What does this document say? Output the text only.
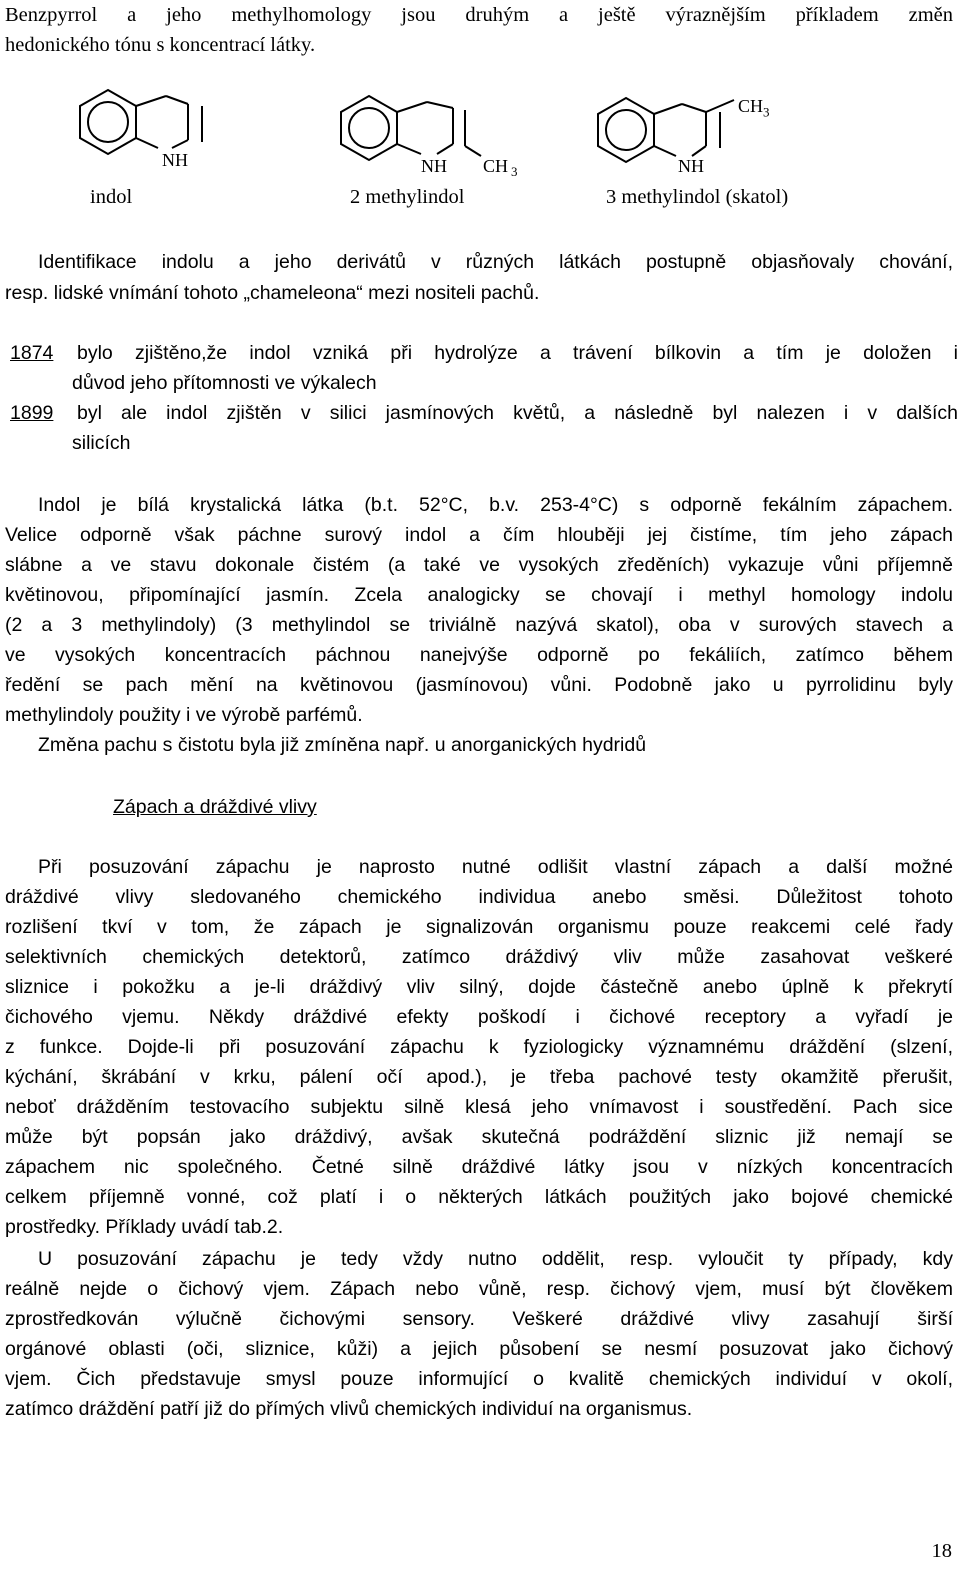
Benzpyrrol a jeho methylhomology jsou druhým a ještě výraznějším příkladem změn
hedonického tónu s koncentrací látky.
NH	NH CH 3	NH
$CH_3$
indol	2 methylindol	3 methylindol (skatol)
Identifikace indolu a jeho derivátů v různých látkách postupně objasňovaly chování,
resp. lidské vnímání tohoto „chameleona“ mezi nositeli pachů.
1874 bylo zjištěno,že indol vzniká při hydrolýze a trávení bílkovin a tím je doložen i
důvod jeho přítomnosti ve výkalech
1899 byl ale indol zjištěn v silici jasmínových květů, a následně byl nalezen i v dalších
silicích
Indol je bílá krystalická látka (b.t. 52°C, b.v. 253-4°C) s odporně fekálním zápachem.
Velice odporně však páchne surový indol a čím hlouběji jej čistíme, tím jeho zápach
slábne a ve stavu dokonale čistém (a také ve vysokých zředěních) vykazuje vůni příjemně
květinovou, připomínající jasmín. Zcela analogicky se chovají i methyl homology indolu
(2 a 3 methylindoly) (3 methylindol se triviálně nazývá skatol), oba v surových stavech a
ve vysokých koncentracích páchnou nanejvýše odporně po fekáliích, zatímco během
ředění se pach mění na květinovou (jasmínovou) vůni. Podobně jako u pyrrolidinu byly
methylindoly použity i ve výrobě parfémů.
Změna pachu s čistotu byla již zmíněna např. u anorganických hydridů
Zápach a dráždivé vlivy
Při posuzování zápachu je naprosto nutné odlišit vlastní zápach a další možné
dráždivé vlivy sledovaného chemického individua anebo směsi. Důležitost tohoto
rozlišení tkví v tom, že zápach je signalizován organismu pouze reakcemi celé řady
selektivních chemických detektorů, zatímco dráždivý vliv může zasahovat veškeré
sliznice i pokožku a je-li dráždivý vliv silný, dojde částečně anebo úplně k překrytí
čichového vjemu. Někdy dráždivé efekty poškodí i čichové receptory a vyřadí je
z funkce. Dojde-li při posuzování zápachu k fyziologicky významnému dráždění (slzení,
kýchání, škrábání v krku, pálení očí apod.), je třeba pachové testy okamžitě přerušit,
neboť drážděním testovacího subjektu silně klesá jeho vnímavost i soustředění. Pach sice
může být popsán jako dráždivý, avšak skutečná podráždění sliznic již nemají se
zápachem nic společného. Četné silně dráždivé látky jsou v nízkých koncentracích
celkem příjemně vonné, což platí i o některých látkách použitých jako bojové chemické
prostředky. Příklady uvádí tab.2.
U posuzování zápachu je tedy vždy nutno oddělit, resp. vyloučit ty případy, kdy
reálně nejde o čichový vjem. Zápach nebo vůně, resp. čichový vjem, musí být člověkem
zprostředkován výlučně čichovými sensory. Veškeré dráždivé vlivy zasahují širší
orgánové oblasti (oči, sliznice, kůži) a jejich působení se nesmí posuzovat jako čichový
vjem. Čich představuje smysl pouze informující o kvalitě chemických individuí v okolí,
zatímco dráždění patří již do přímých vlivů chemických individuí na organismus.
18
